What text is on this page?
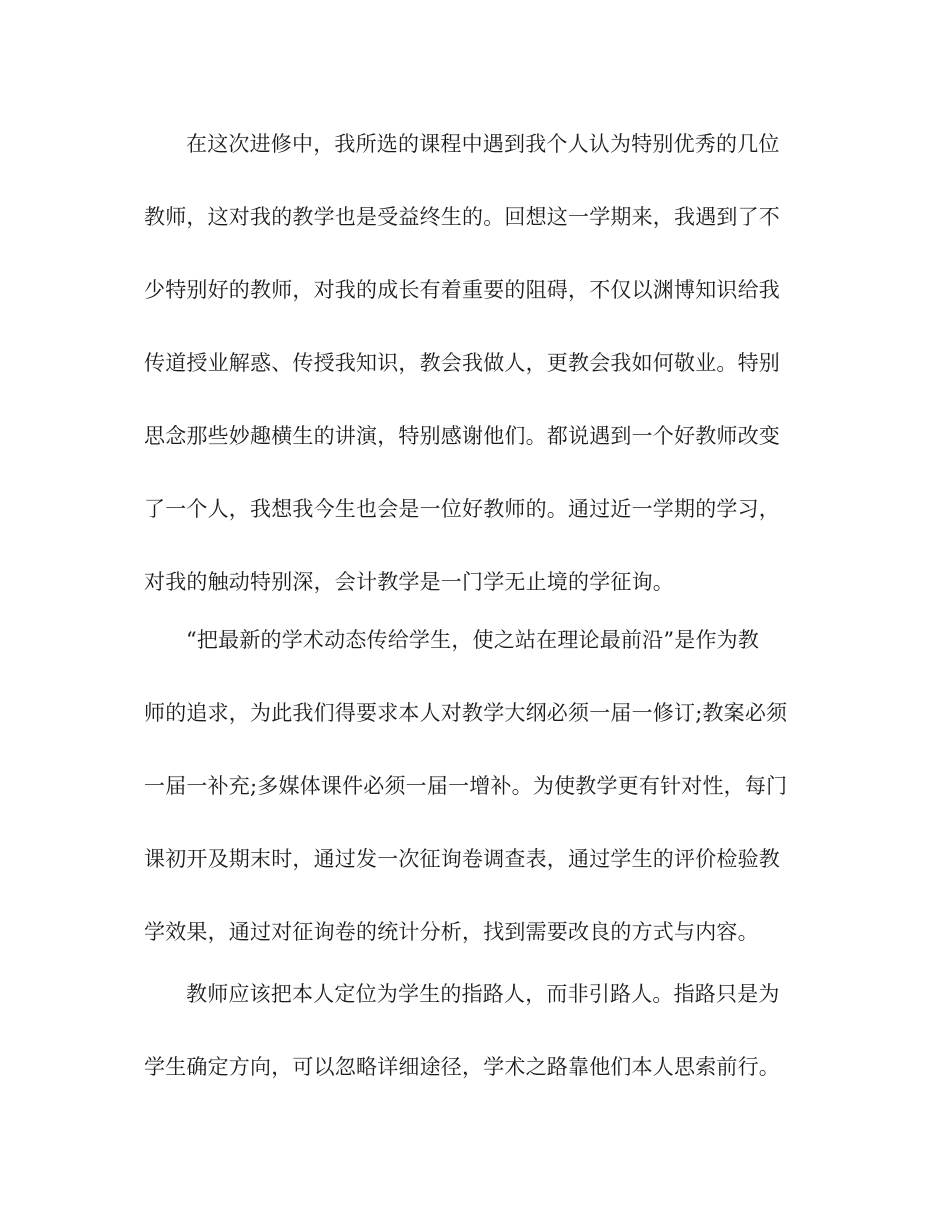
在这次进修中，我所选的课程中遇到我个人认为特别优秀的几位
教师，这对我的教学也是受益终生的。回想这一学期来，我遇到了不
少特别好的教师，对我的成长有着重要的阻碍，不仅以渊博知识给我
传道授业解惑、传授我知识，教会我做人，更教会我如何敬业。特别
思念那些妙趣横生的讲演，特别感谢他们。都说遇到一个好教师改变
了一个人，我想我今生也会是一位好教师的。通过近一学期的学习，
对我的触动特别深，会计教学是一门学无止境的学征询。
“把最新的学术动态传给学生，使之站在理论最前沿”是作为教
师的追求，为此我们得要求本人对教学大纲必须一届一修订;教案必须
一届一补充;多媒体课件必须一届一增补。为使教学更有针对性，每门
课初开及期末时，通过发一次征询卷调查表，通过学生的评价检验教
学效果，通过对征询卷的统计分析，找到需要改良的方式与内容。
教师应该把本人定位为学生的指路人，而非引路人。指路只是为
学生确定方向，可以忽略详细途径，学术之路靠他们本人思索前行。
